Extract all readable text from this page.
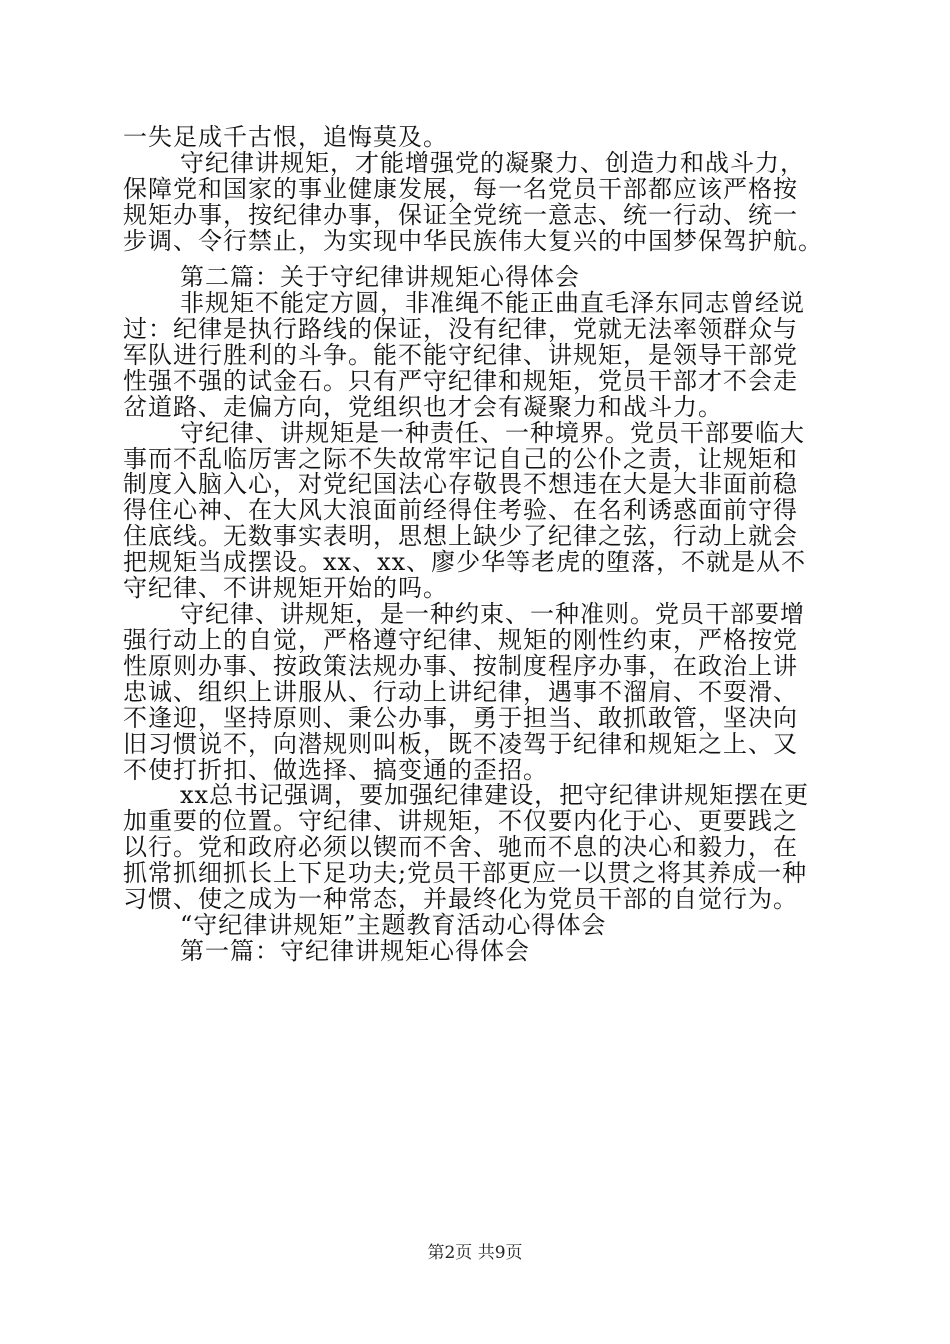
一失足成千古恨，追悔莫及。
守纪律讲规矩，才能增强党的凝聚力、创造力和战斗力，
保障党和国家的事业健康发展，每一名党员干部都应该严格按
规矩办事，按纪律办事，保证全党统一意志、统一行动、统一
步调、令行禁止，为实现中华民族伟大复兴的中国梦保驾护航。
第二篇：关于守纪律讲规矩心得体会
非规矩不能定方圆，非准绳不能正曲直毛泽东同志曾经说
过：纪律是执行路线的保证，没有纪律，党就无法率领群众与
军队进行胜利的斗争。能不能守纪律、讲规矩，是领导干部党
性强不强的试金石。只有严守纪律和规矩，党员干部才不会走
岔道路、走偏方向，党组织也才会有凝聚力和战斗力。
守纪律、讲规矩是一种责任、一种境界。党员干部要临大
事而不乱临厉害之际不失故常牢记自己的公仆之责，让规矩和
制度入脑入心，对党纪国法心存敬畏不想违在大是大非面前稳
得住心神、在大风大浪面前经得住考验、在名利诱惑面前守得
住底线。无数事实表明，思想上缺少了纪律之弦，行动上就会
把规矩当成摆设。xx、xx、廖少华等老虎的堕落，不就是从不
守纪律、不讲规矩开始的吗。
守纪律、讲规矩，是一种约束、一种准则。党员干部要增
强行动上的自觉，严格遵守纪律、规矩的刚性约束，严格按党
性原则办事、按政策法规办事、按制度程序办事，在政治上讲
忠诚、组织上讲服从、行动上讲纪律，遇事不溜肩、不耍滑、
不逢迎，坚持原则、秉公办事，勇于担当、敢抓敢管，坚决向
旧习惯说不，向潜规则叫板，既不凌驾于纪律和规矩之上、又
不使打折扣、做选择、搞变通的歪招。
xx总书记强调，要加强纪律建设，把守纪律讲规矩摆在更
加重要的位置。守纪律、讲规矩，不仅要内化于心、更要践之
以行。党和政府必须以锲而不舍、驰而不息的决心和毅力，在
抓常抓细抓长上下足功夫;党员干部更应一以贯之将其养成一种
习惯、使之成为一种常态，并最终化为党员干部的自觉行为。
“守纪律讲规矩”主题教育活动心得体会
第一篇：守纪律讲规矩心得体会
第2页 共9页
